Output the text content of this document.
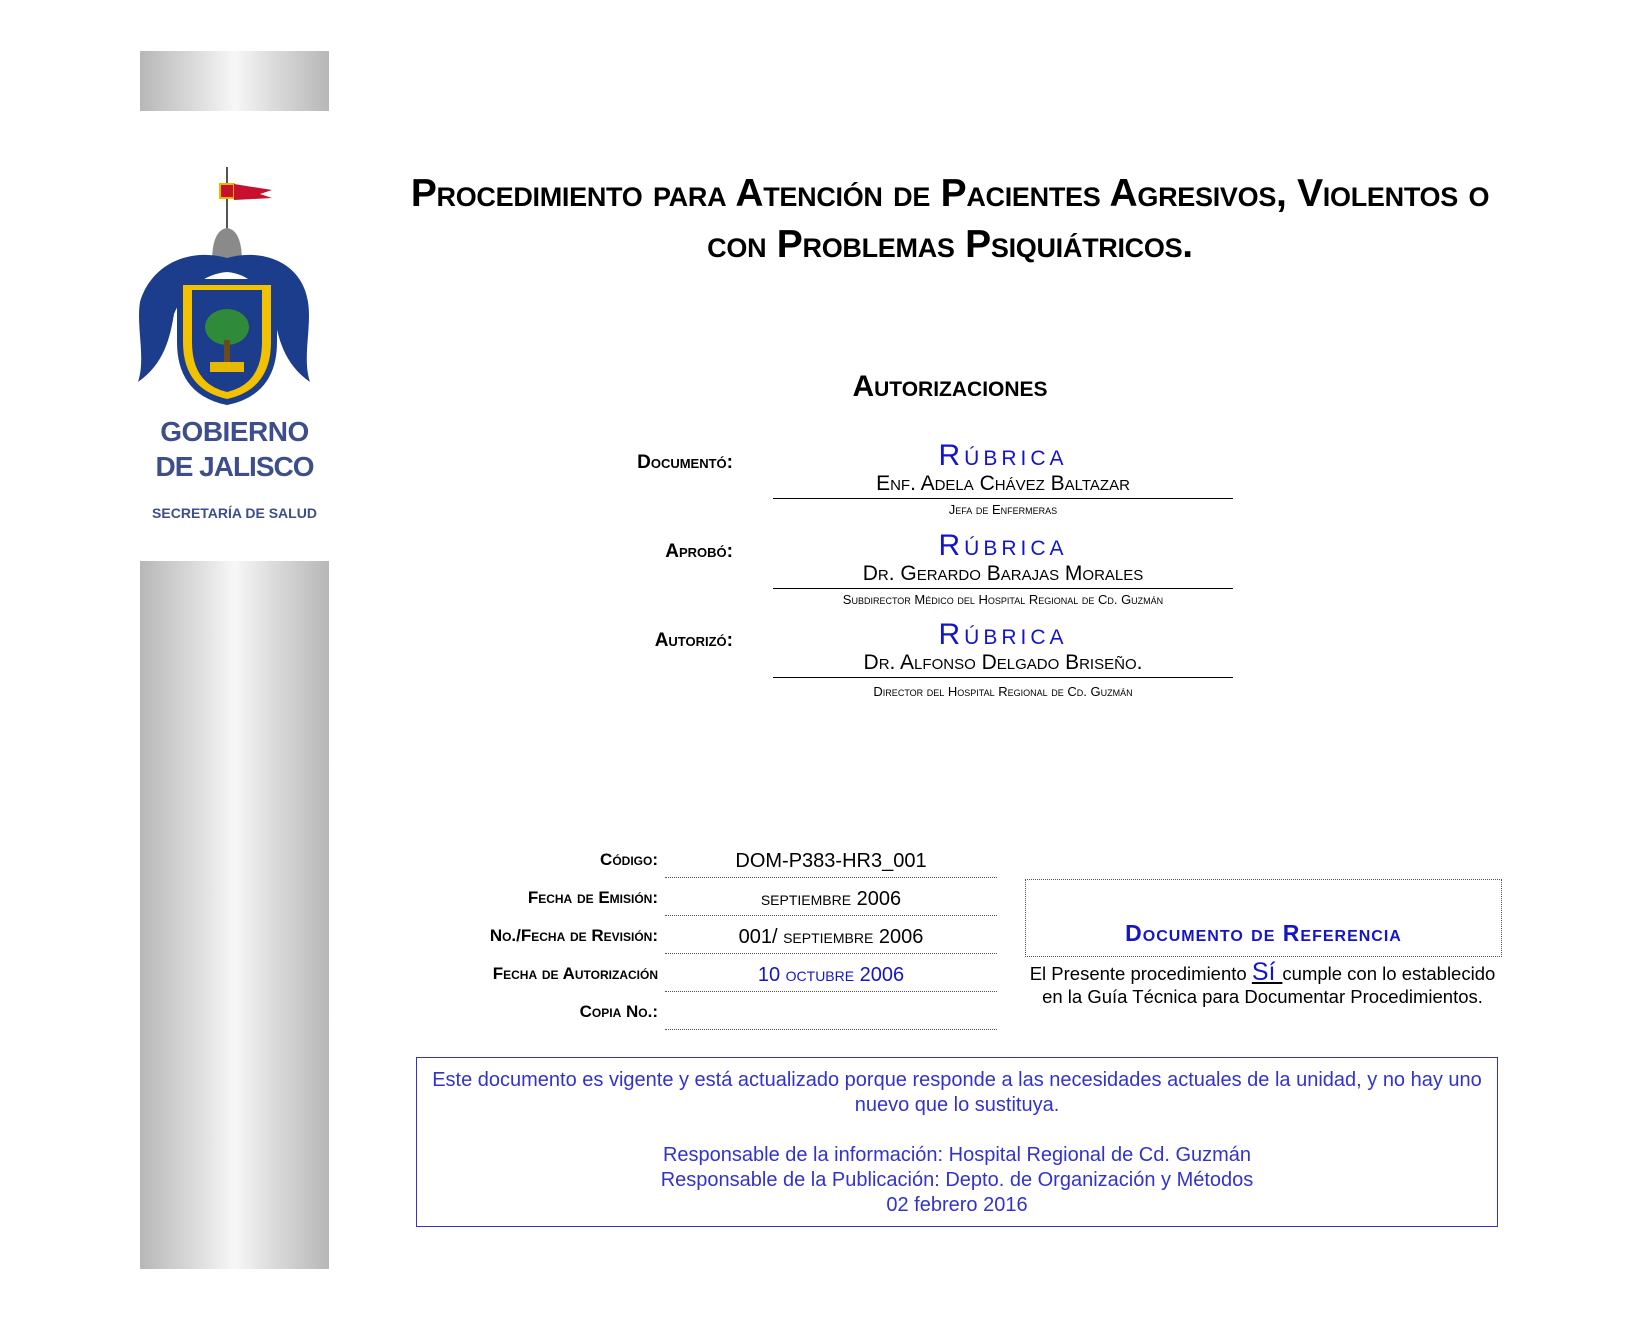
GOBIERNO
DE JALISCO
SECRETARÍA DE SALUD
Procedimiento para Atención de Pacientes Agresivos, Violentos o con Problemas Psiquiátricos.
Autorizaciones
Documentó:	Rúbrica
Enf. Adela Chávez Baltazar
Jefa de Enfermeras
Aprobó:	Rúbrica
Dr. Gerardo Barajas Morales
Subdirector Médico del Hospital Regional de Cd. Guzmán
Autorizó:	Rúbrica
Dr. Alfonso Delgado Briseño.
Director del Hospital Regional de Cd. Guzmán
Código:	DOM-P383-HR3_001
Fecha de Emisión:	septiembre 2006
No./Fecha de Revisión:	001/ septiembre 2006
Fecha de Autorización	10 octubre 2006
Copia No.:
Documento de Referencia
El Presente procedimiento Sí cumple con lo establecido en la Guía Técnica para Documentar Procedimientos.

Este documento es vigente y está actualizado porque responde a las necesidades actuales de la unidad, y no hay uno nuevo que lo sustituya.

Responsable de la información: Hospital Regional de Cd. Guzmán

Responsable de la Publicación: Depto. de Organización y Métodos

02 febrero 2016
